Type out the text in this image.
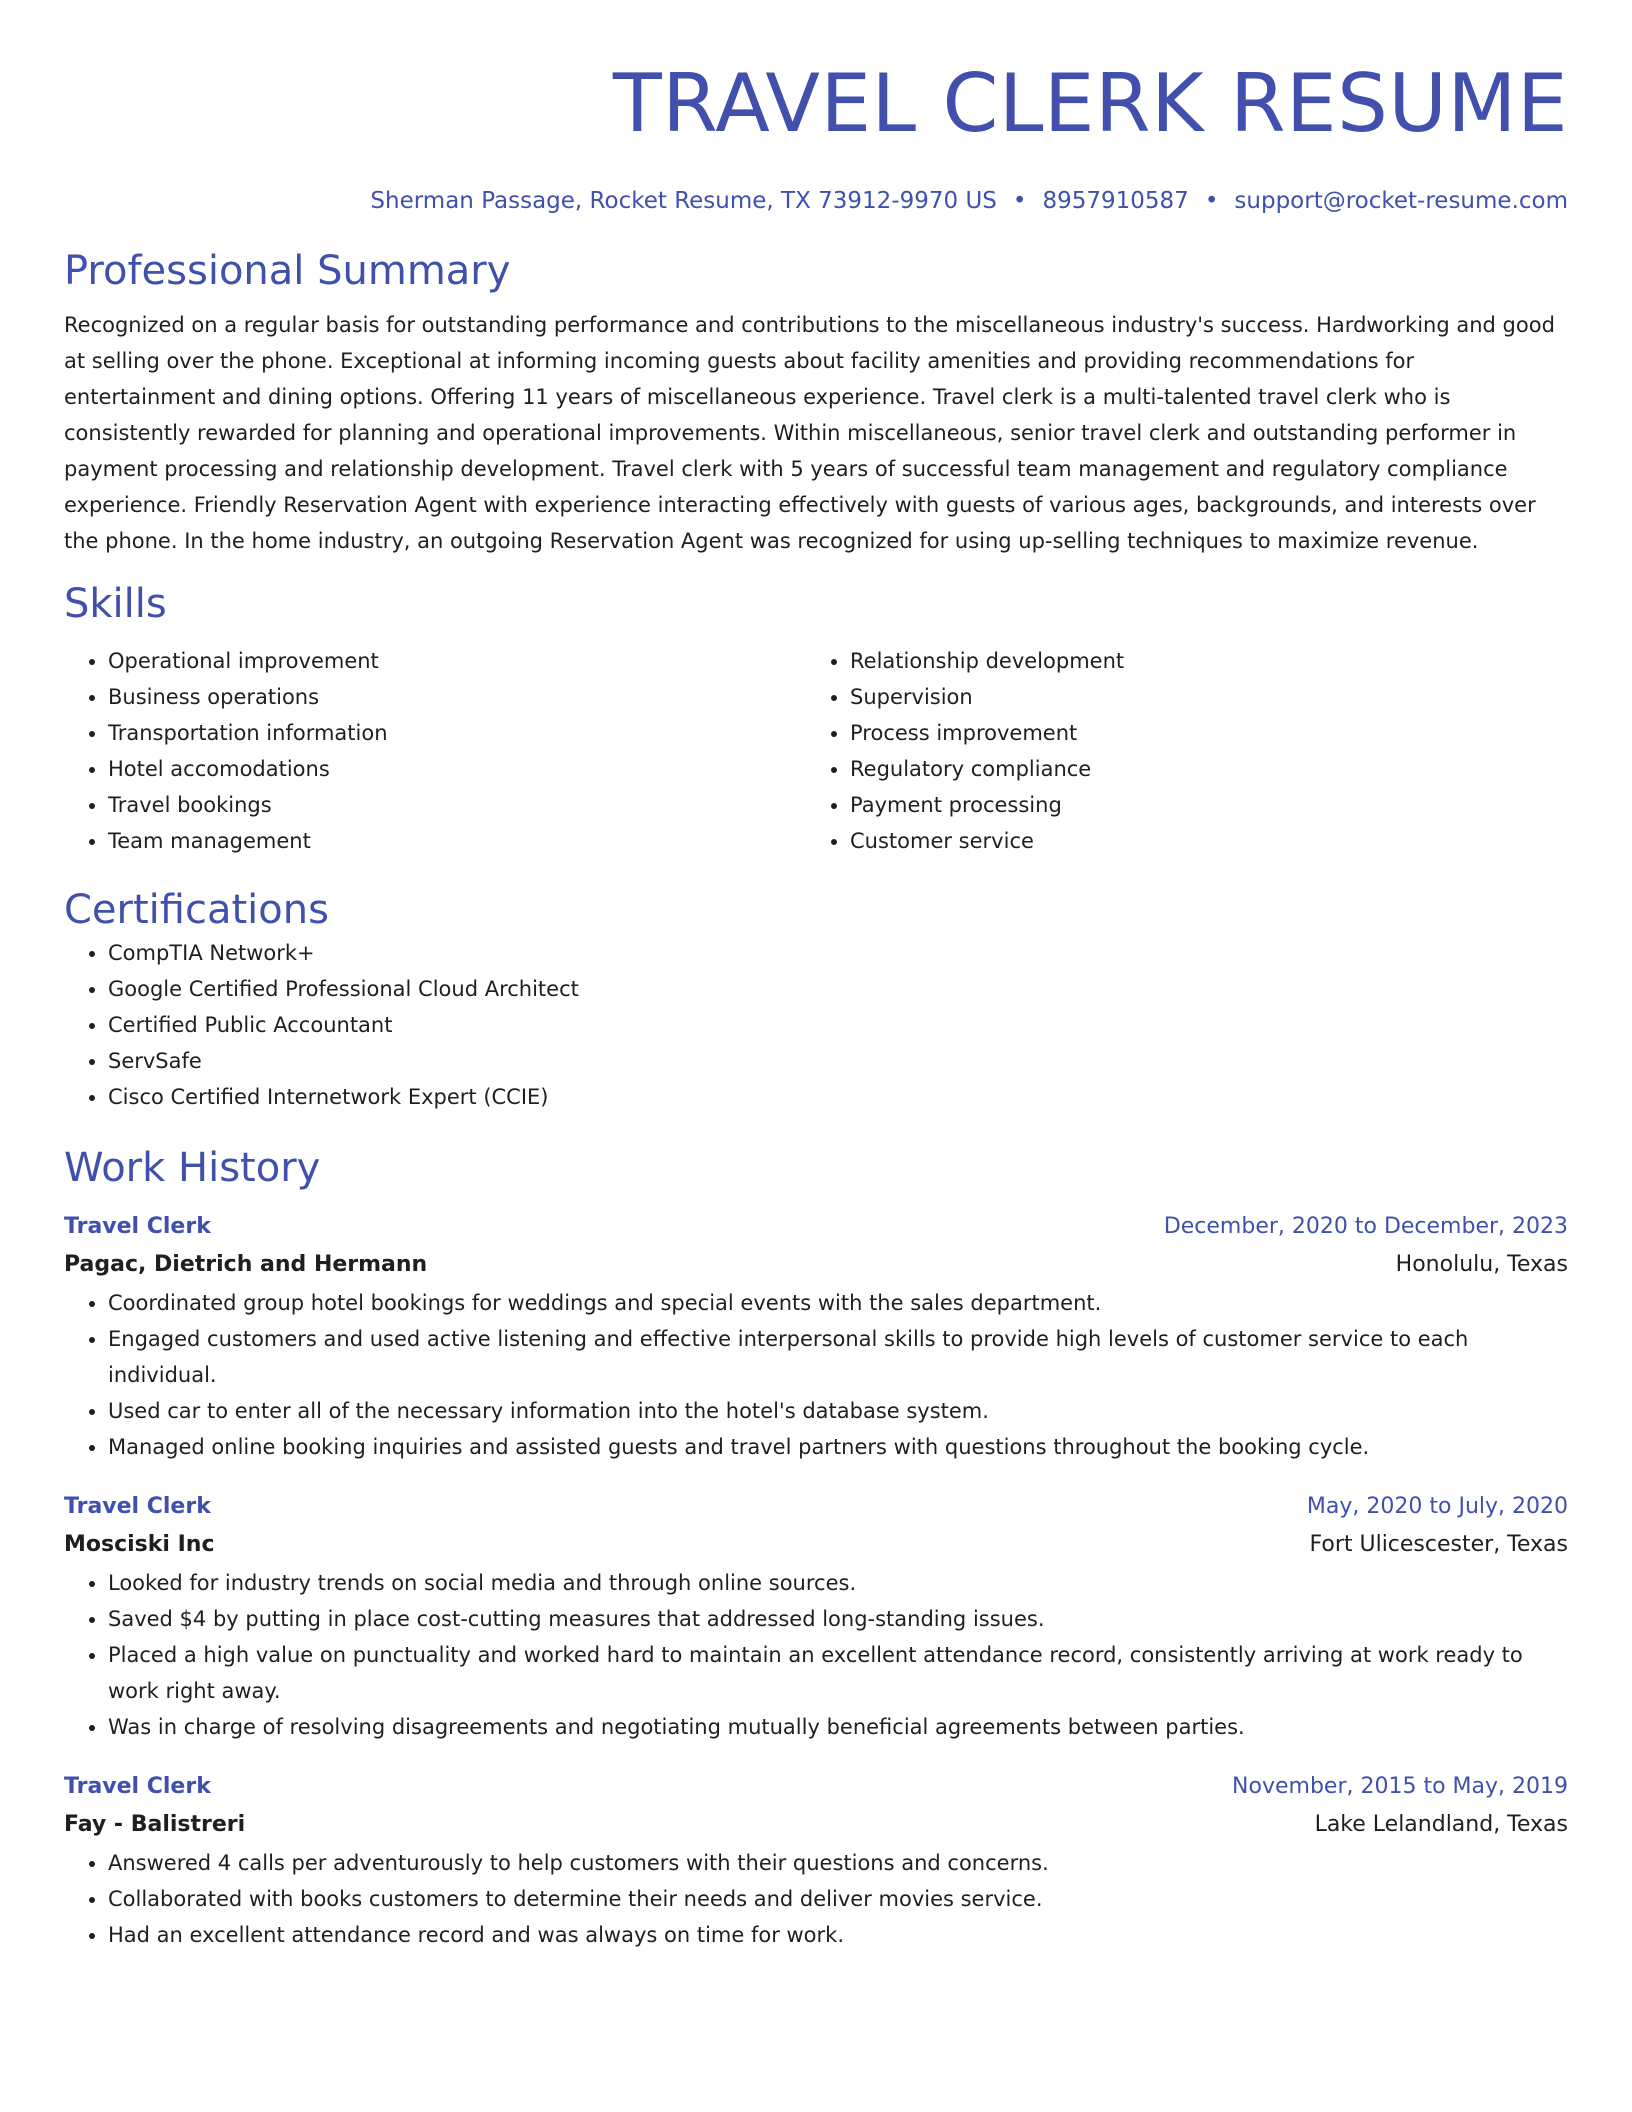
TRAVEL CLERK RESUME
Sherman Passage, Rocket Resume, TX 73912-9970 US • 8957910587 • support@rocket-resume.com
Professional Summary
Recognized on a regular basis for outstanding performance and contributions to the miscellaneous industry's success. Hardworking and good at selling over the phone. Exceptional at informing incoming guests about facility amenities and providing recommendations for entertainment and dining options. Offering 11 years of miscellaneous experience. Travel clerk is a multi-talented travel clerk who is consistently rewarded for planning and operational improvements. Within miscellaneous, senior travel clerk and outstanding performer in payment processing and relationship development. Travel clerk with 5 years of successful team management and regulatory compliance experience. Friendly Reservation Agent with experience interacting effectively with guests of various ages, backgrounds, and interests over the phone. In the home industry, an outgoing Reservation Agent was recognized for using up-selling techniques to maximize revenue.
Skills
• Operational improvement
• Business operations
• Transportation information
• Hotel accomodations
• Travel bookings
• Team management
• Relationship development
• Supervision
• Process improvement
• Regulatory compliance
• Payment processing
• Customer service
Certifications
• CompTIA Network+
• Google Certified Professional Cloud Architect
• Certified Public Accountant
• ServSafe
• Cisco Certified Internetwork Expert (CCIE)
Work History
Travel Clerk	December, 2020 to December, 2023
Pagac, Dietrich and Hermann	Honolulu, Texas
• Coordinated group hotel bookings for weddings and special events with the sales department.
• Engaged customers and used active listening and effective interpersonal skills to provide high levels of customer service to each individual.
• Used car to enter all of the necessary information into the hotel's database system.
• Managed online booking inquiries and assisted guests and travel partners with questions throughout the booking cycle.
Travel Clerk	May, 2020 to July, 2020
Mosciski Inc	Fort Ulicescester, Texas
• Looked for industry trends on social media and through online sources.
• Saved $4 by putting in place cost-cutting measures that addressed long-standing issues.
• Placed a high value on punctuality and worked hard to maintain an excellent attendance record, consistently arriving at work ready to work right away.
• Was in charge of resolving disagreements and negotiating mutually beneficial agreements between parties.
Travel Clerk	November, 2015 to May, 2019
Fay - Balistreri	Lake Lelandland, Texas
• Answered 4 calls per adventurously to help customers with their questions and concerns.
• Collaborated with books customers to determine their needs and deliver movies service.
• Had an excellent attendance record and was always on time for work.
